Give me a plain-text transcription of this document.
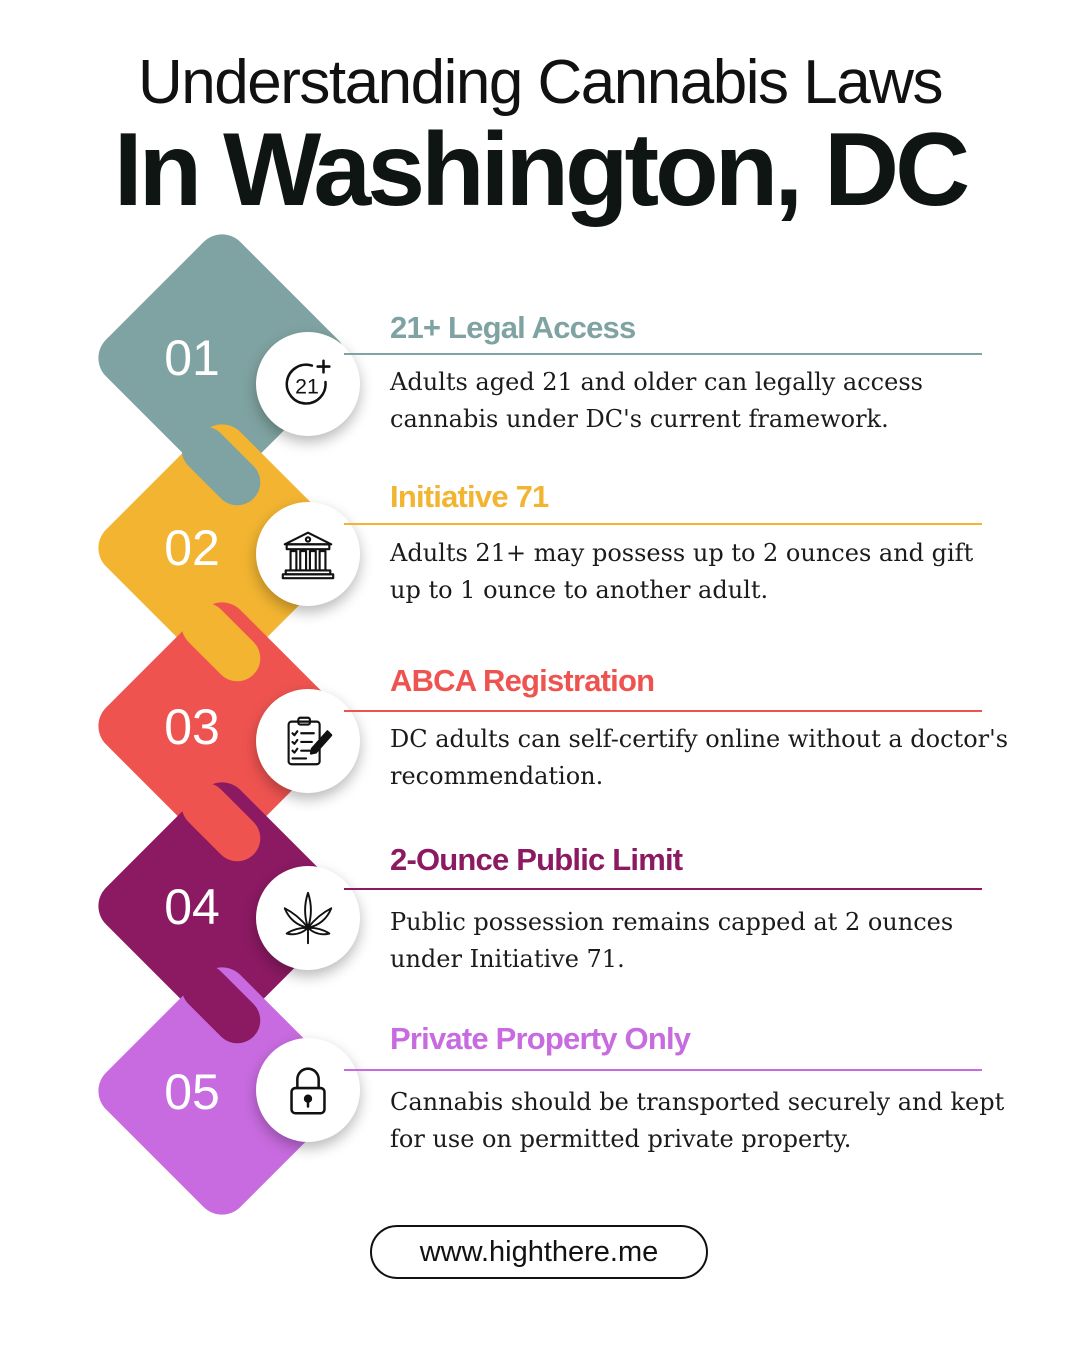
Understanding Cannabis Laws
In Washington, DC
01
02
03
04
05
21
21+ Legal Access
Adults aged 21 and older can legally access cannabis under DC's current framework.
Initiative 71
Adults 21+ may possess up to 2 ounces and gift up to 1 ounce to another adult.
ABCA Registration
DC adults can self-certify online without a doctor's recommendation.
2-Ounce Public Limit
Public possession remains capped at 2 ounces under Initiative 71.
Private Property Only
Cannabis should be transported securely and kept for use on permitted private property.
www.highthere.me
